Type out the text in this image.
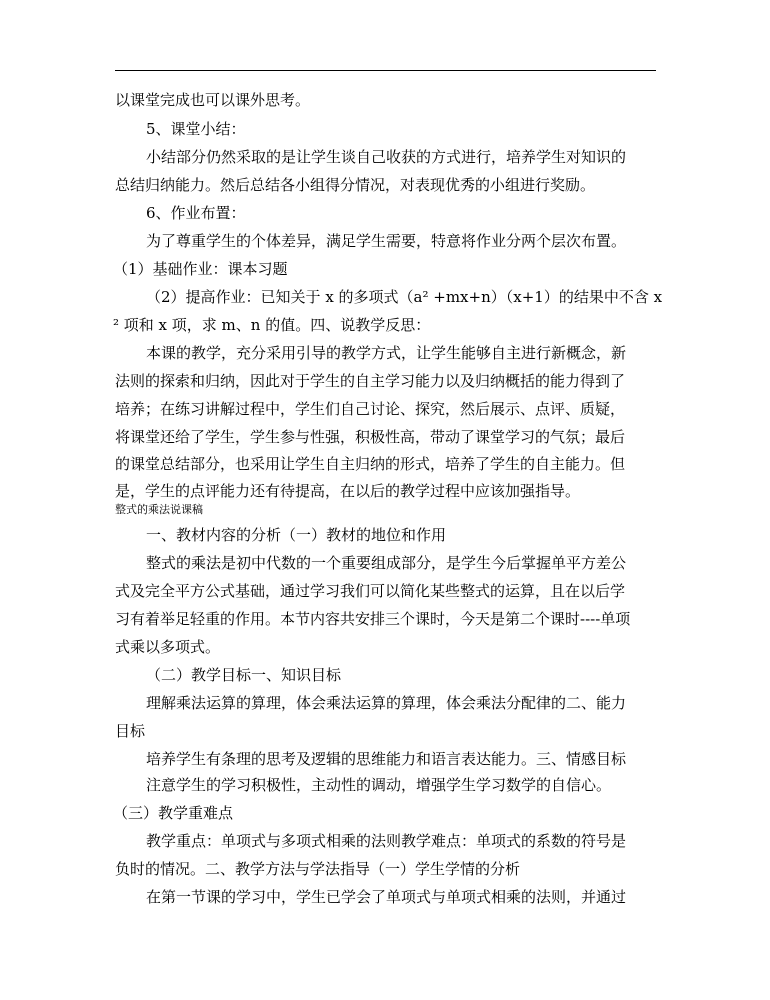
以课堂完成也可以课外思考。
5、课堂小结：
小结部分仍然采取的是让学生谈自己收获的方式进行，培养学生对知识的
总结归纳能力。然后总结各小组得分情况，对表现优秀的小组进行奖励。
6、作业布置：
为了尊重学生的个体差异，满足学生需要，特意将作业分两个层次布置。
（1）基础作业：课本习题
（2）提高作业：已知关于 x 的多项式（a² +mx+n）（x+1）的结果中不含 x
² 项和 x 项，求 m、n 的值。四、说教学反思：
本课的教学，充分采用引导的教学方式，让学生能够自主进行新概念，新
法则的探索和归纳，因此对于学生的自主学习能力以及归纳概括的能力得到了
培养；在练习讲解过程中，学生们自己讨论、探究，然后展示、点评、质疑，
将课堂还给了学生，学生参与性强，积极性高，带动了课堂学习的气氛；最后
的课堂总结部分，也采用让学生自主归纳的形式，培养了学生的自主能力。但
是，学生的点评能力还有待提高，在以后的教学过程中应该加强指导。
整式的乘法说课稿
一、教材内容的分析（一）教材的地位和作用
整式的乘法是初中代数的一个重要组成部分，是学生今后掌握单平方差公
式及完全平方公式基础，通过学习我们可以简化某些整式的运算，且在以后学
习有着举足轻重的作用。本节内容共安排三个课时，今天是第二个课时----单项
式乘以多项式。
（二）教学目标一、知识目标
理解乘法运算的算理，体会乘法运算的算理，体会乘法分配律的二、能力
目标
培养学生有条理的思考及逻辑的思维能力和语言表达能力。三、情感目标
注意学生的学习积极性，主动性的调动，增强学生学习数学的自信心。
（三）教学重难点
教学重点：单项式与多项式相乘的法则教学难点：单项式的系数的符号是
负时的情况。二、教学方法与学法指导（一）学生学情的分析
在第一节课的学习中，学生已学会了单项式与单项式相乘的法则，并通过
